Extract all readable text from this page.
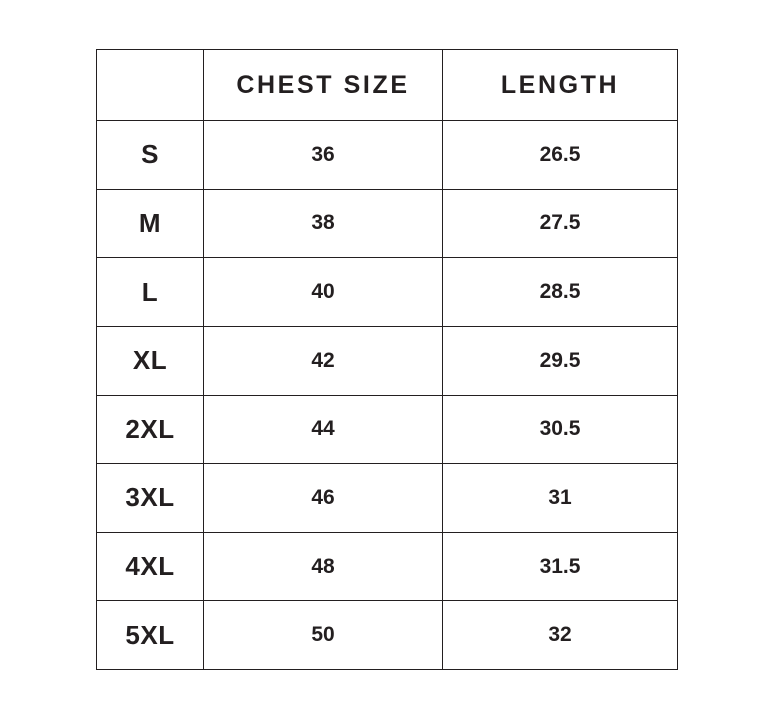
	CHEST SIZE	LENGTH
S	36	26.5
M	38	27.5
L	40	28.5
XL	42	29.5
2XL	44	30.5
3XL	46	31
4XL	48	31.5
5XL	50	32
